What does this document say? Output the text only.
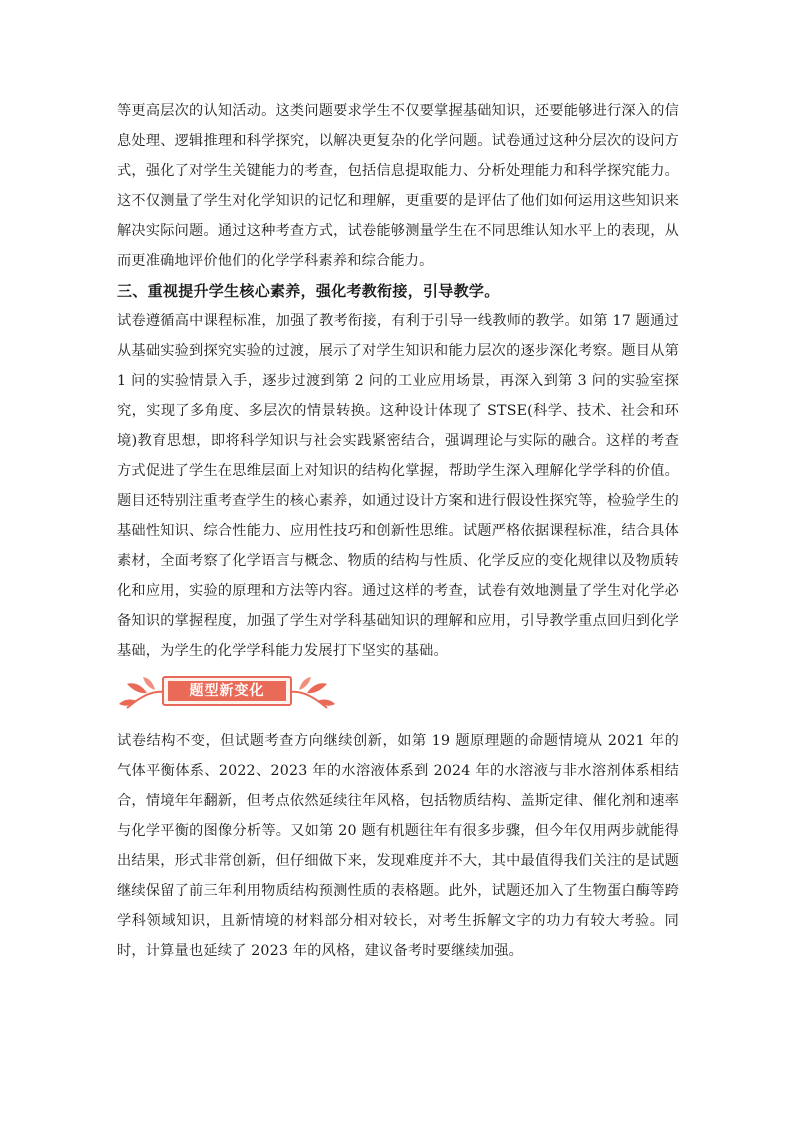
等更高层次的认知活动。这类问题要求学生不仅要掌握基础知识，还要能够进行深入的信息处理、逻辑推理和科学探究，以解决更复杂的化学问题。试卷通过这种分层次的设问方式，强化了对学生关键能力的考查，包括信息提取能力、分析处理能力和科学探究能力。这不仅测量了学生对化学知识的记忆和理解，更重要的是评估了他们如何运用这些知识来解决实际问题。通过这种考查方式，试卷能够测量学生在不同思维认知水平上的表现，从而更准确地评价他们的化学学科素养和综合能力。

三、重视提升学生核心素养，强化考教衔接，引导教学。

试卷遵循高中课程标准，加强了教考衔接，有利于引导一线教师的教学。如第 17 题通过从基础实验到探究实验的过渡，展示了对学生知识和能力层次的逐步深化考察。题目从第 1 问的实验情景入手，逐步过渡到第 2 问的工业应用场景，再深入到第 3 问的实验室探究，实现了多角度、多层次的情景转换。这种设计体现了 STSE(科学、技术、社会和环境)教育思想，即将科学知识与社会实践紧密结合，强调理论与实际的融合。这样的考查方式促进了学生在思维层面上对知识的结构化掌握，帮助学生深入理解化学学科的价值。题目还特别注重考查学生的核心素养，如通过设计方案和进行假设性探究等，检验学生的基础性知识、综合性能力、应用性技巧和创新性思维。试题严格依据课程标准，结合具体素材，全面考察了化学语言与概念、物质的结构与性质、化学反应的变化规律以及物质转化和应用，实验的原理和方法等内容。通过这样的考查，试卷有效地测量了学生对化学必备知识的掌握程度，加强了学生对学科基础知识的理解和应用，引导教学重点回归到化学基础，为学生的化学学科能力发展打下坚实的基础。

题型新变化

试卷结构不变，但试题考查方向继续创新，如第 19 题原理题的命题情境从 2021 年的气体平衡体系、2022、2023 年的水溶液体系到 2024 年的水溶液与非水溶剂体系相结合，情境年年翻新，但考点依然延续往年风格，包括物质结构、盖斯定律、催化剂和速率与化学平衡的图像分析等。又如第 20 题有机题往年有很多步骤，但今年仅用两步就能得出结果，形式非常创新，但仔细做下来，发现难度并不大，其中最值得我们关注的是试题继续保留了前三年利用物质结构预测性质的表格题。此外，试题还加入了生物蛋白酶等跨学科领域知识，且新情境的材料部分相对较长，对考生拆解文字的功力有较大考验。同时，计算量也延续了 2023 年的风格，建议备考时要继续加强。
